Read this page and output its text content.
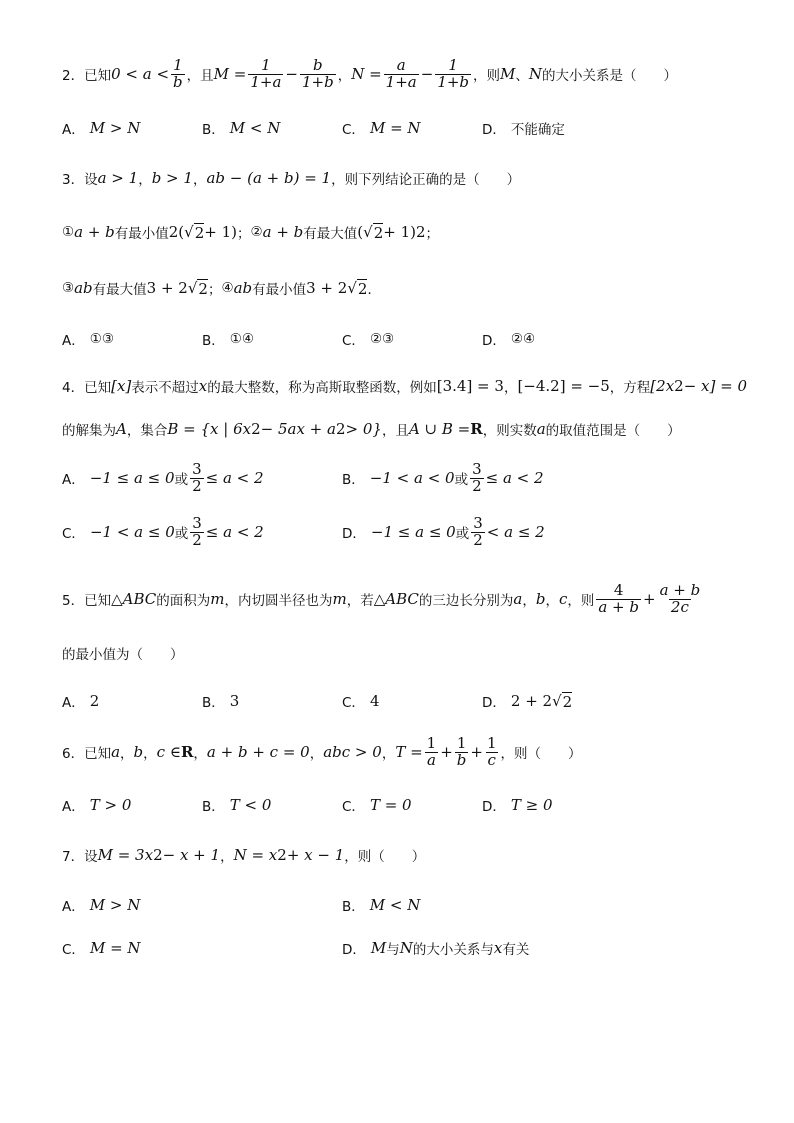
2． 已知 $0 < a < \frac{1}{b}$ ，且 $M = \frac{1}{1+a} - \frac{b}{1+b}$ ， $N = \frac{a}{1+a} - \frac{1}{1+b}$ ，则 M 、 N 的大小关系是（　　）
A． M > N	B． M < N	C． M = N	D． 不能确定
3． 设 a > 1 ， b > 1 ， ab − (a + b) = 1 ，则下列结论正确的是（　　）
① a + b 有最小值 2( √ 2 + 1) ； ② a + b 有最大值 ( √ 2 + 1) 2 ；
③ ab 有最大值 3 + 2 √ 2 ； ④ ab 有最小值 3 + 2 √ 2 ．
A． ①③	B． ①④	C． ②③	D． ②④
4． 已知 [x] 表示不超过 x 的最大整数，称为高斯取整函数，例如 [3.4] = 3 ， [−4.2] = −5 ，方程 [2x 2 − x] = 0
的解集为 A ，集合 B = {x | 6x 2 − 5ax + a 2 > 0} ，且 A ∪ B = R ，则实数 a 的取值范围是（　　）
A． −1 ≤ a ≤ 0 或 $\frac{3}{2} \le a < 2$	B． −1 < a < 0 或 $\frac{3}{2} \le a < 2$
C． −1 < a ≤ 0 或 $\frac{3}{2} \le a < 2$	D． −1 ≤ a ≤ 0 或 $\frac{3}{2} < a \le 2$
5． 已知 △ABC 的面积为 m ，内切圆半径也为 m ，若 △ABC 的三边长分别为 a ， b ， c ，则 $\frac{4}{a + b} + \frac{a + b}{2c}$
的最小值为（　　）
A． 2	B． 3	C． 4	D． 2 + 2 √ 2
6． 已知 a ， b ， c ∈ R ， a + b + c = 0 ， abc > 0 ， $T = \frac{1}{a} + \frac{1}{b} + \frac{1}{c}$ ，则（　　）
A． T > 0	B． T < 0	C． T = 0	D． T ≥ 0
7． 设 M = 3x 2 − x + 1 ， N = x 2 + x − 1 ，则（　　）
A． M > N	B． M < N
C． M = N	D． M 与 N 的大小关系与 x 有关
